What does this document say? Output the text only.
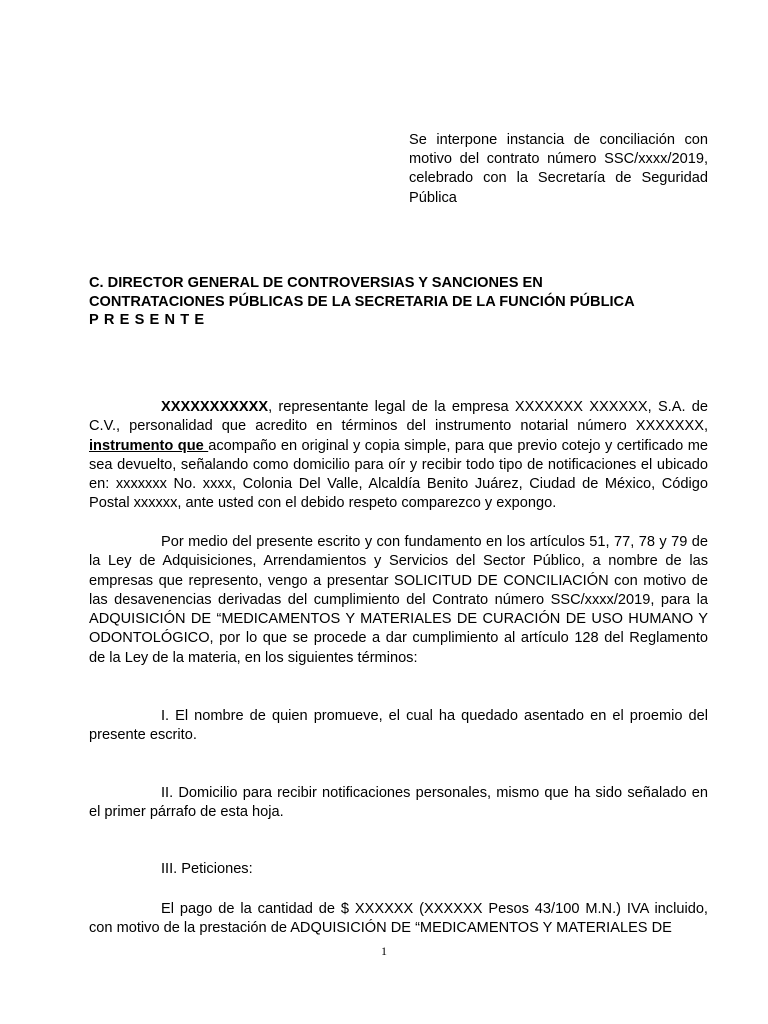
Se interpone instancia de conciliación con motivo del contrato número SSC/xxxx/2019, celebrado con la Secretaría de Seguridad Pública
C. DIRECTOR GENERAL DE CONTROVERSIAS Y SANCIONES EN
CONTRATACIONES PÚBLICAS DE LA SECRETARIA DE LA FUNCIÓN PÚBLICA
PRESENTE
XXXXXXXXXXX, representante legal de la empresa XXXXXXX XXXXXX, S.A. de C.V., personalidad que acredito en términos del instrumento notarial número XXXXXXX, instrumento que acompaño en original y copia simple, para que previo cotejo y certificado me sea devuelto, señalando como domicilio para oír y recibir todo tipo de notificaciones el ubicado en: xxxxxxx No. xxxx, Colonia Del Valle, Alcaldía Benito Juárez, Ciudad de México, Código Postal xxxxxx, ante usted con el debido respeto comparezco y expongo.
Por medio del presente escrito y con fundamento en los artículos 51, 77, 78 y 79 de la Ley de Adquisiciones, Arrendamientos y Servicios del Sector Público, a nombre de las empresas que represento, vengo a presentar SOLICITUD DE CONCILIACIÓN con motivo de las desavenencias derivadas del cumplimiento del Contrato número SSC/xxxx/2019, para la ADQUISICIÓN DE “MEDICAMENTOS Y MATERIALES DE CURACIÓN DE USO HUMANO Y ODONTOLÓGICO, por lo que se procede a dar cumplimiento al artículo 128 del Reglamento de la Ley de la materia, en los siguientes términos:
I. El nombre de quien promueve, el cual ha quedado asentado en el proemio del presente escrito.
II. Domicilio para recibir notificaciones personales, mismo que ha sido señalado en el primer párrafo de esta hoja.
III. Peticiones:
El pago de la cantidad de $ XXXXXX (XXXXXX Pesos 43/100 M.N.) IVA incluido, con motivo de la prestación de ADQUISICIÓN DE “MEDICAMENTOS Y MATERIALES DE
1
